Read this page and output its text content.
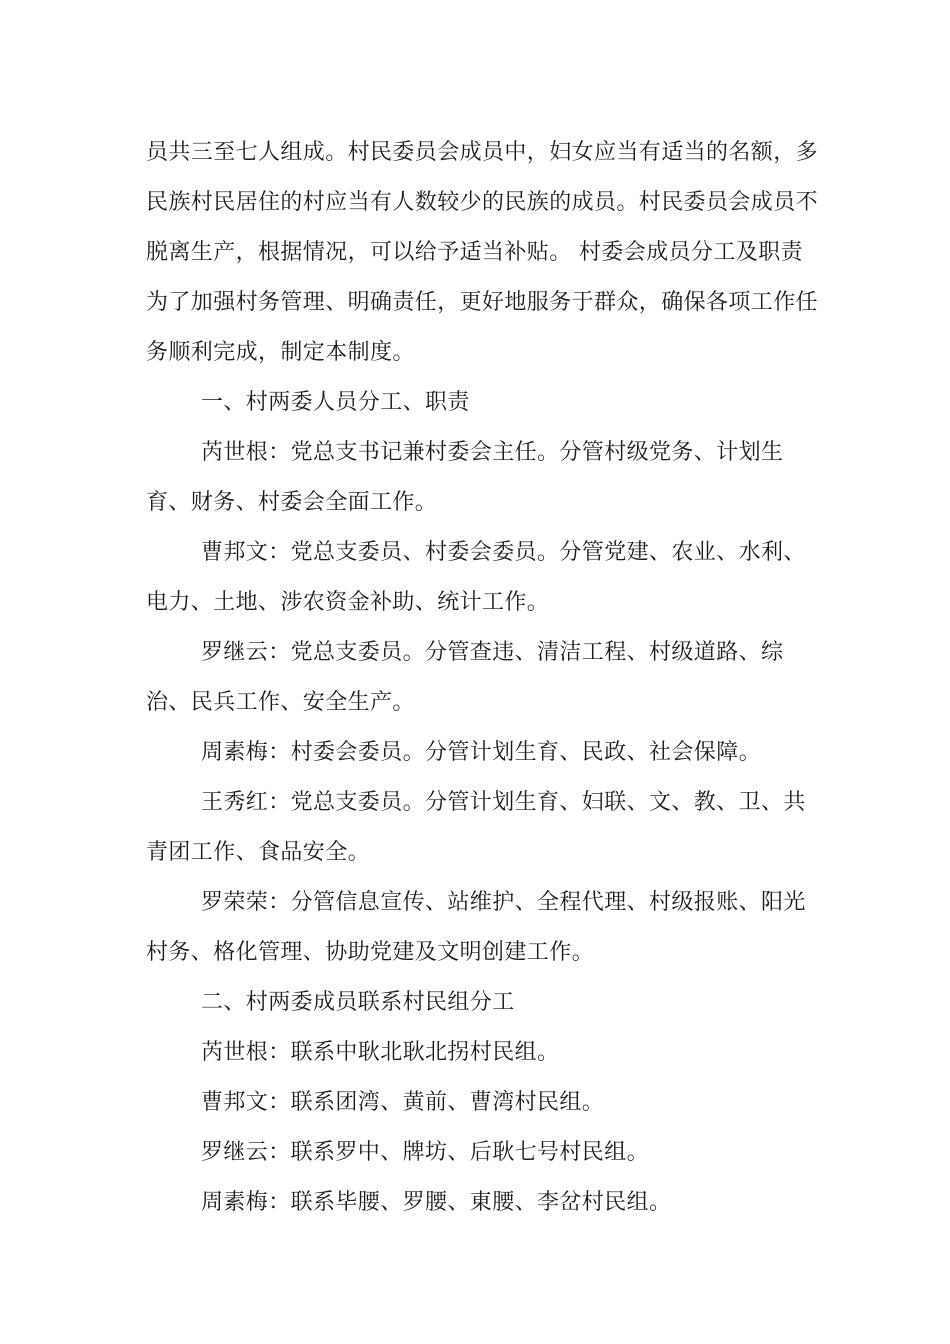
员共三至七人组成。村民委员会成员中，妇女应当有适当的名额，多民族村民居住的村应当有人数较少的民族的成员。村民委员会成员不脱离生产，根据情况，可以给予适当补贴。 村委会成员分工及职责 为了加强村务管理、明确责任，更好地服务于群众，确保各项工作任务顺利完成，制定本制度。

一、村两委人员分工、职责

芮世根：党总支书记兼村委会主任。分管村级党务、计划生育、财务、村委会全面工作。

曹邦文：党总支委员、村委会委员。分管党建、农业、水利、电力、土地、涉农资金补助、统计工作。

罗继云：党总支委员。分管查违、清洁工程、村级道路、综治、民兵工作、安全生产。

周素梅：村委会委员。分管计划生育、民政、社会保障。

王秀红：党总支委员。分管计划生育、妇联、文、教、卫、共青团工作、食品安全。

罗荣荣：分管信息宣传、站维护、全程代理、村级报账、阳光村务、格化管理、协助党建及文明创建工作。

二、村两委成员联系村民组分工

芮世根：联系中耿北耿北拐村民组。

曹邦文：联系团湾、黄前、曹湾村民组。

罗继云：联系罗中、牌坊、后耿七号村民组。

周素梅：联系毕腰、罗腰、東腰、李岔村民组。
